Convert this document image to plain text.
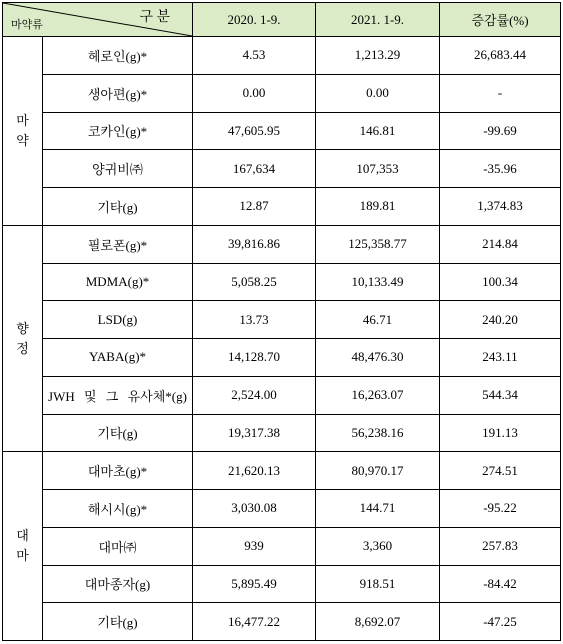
구 분
마약류		2020. 1-9.	2021. 1-9.	증감률(%)

마
약	헤로인(g)*	4.53	1,213.29	26,683.44
	생아편(g)*	0.00	0.00	-
	코카인(g)*	47,605.95	146.81	-99.69
	양귀비㈜	167,634	107,353	-35.96
	기타(g)	12.87	189.81	1,374.83

향
정	필로폰(g)*	39,816.86	125,358.77	214.84
	MDMA(g)*	5,058.25	10,133.49	100.34
	LSD(g)	13.73	46.71	240.20
	YABA(g)*	14,128.70	48,476.30	243.11
	JWH 및 그 유사체*(g)	2,524.00	16,263.07	544.34
	기타(g)	19,317.38	56,238.16	191.13

대
마	대마초(g)*	21,620.13	80,970.17	274.51
	해시시(g)*	3,030.08	144.71	-95.22
	대마㈜	939	3,360	257.83
	대마종자(g)	5,895.49	918.51	-84.42
	기타(g)	16,477.22	8,692.07	-47.25
